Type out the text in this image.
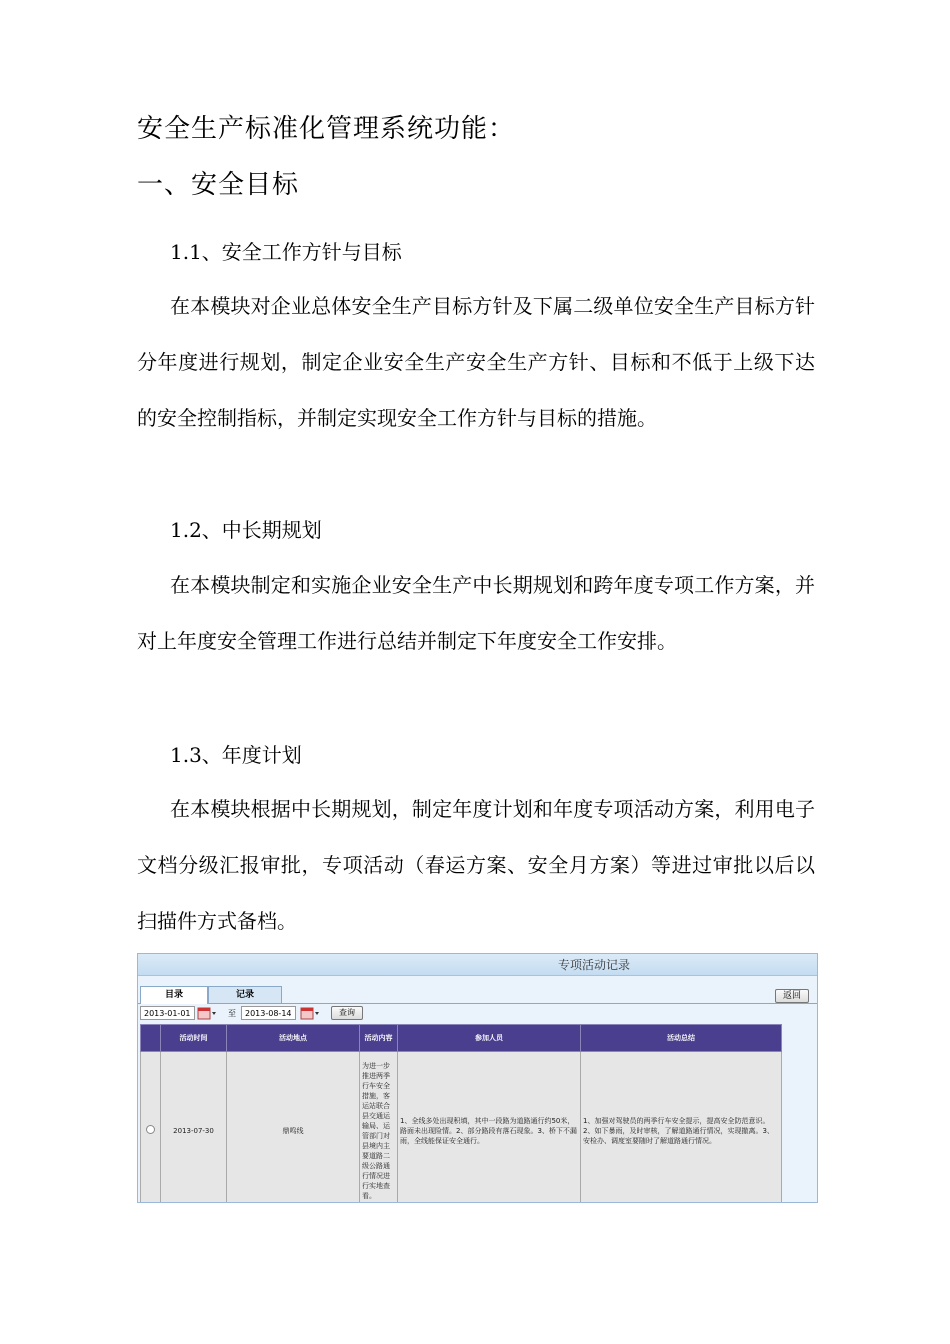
安全生产标准化管理系统功能：
一、安全目标
1.1、安全工作方针与目标
在本模块对企业总体安全生产目标方针及下属二级单位安全生产目标方针分年度进行规划，制定企业安全生产安全生产方针、目标和不低于上级下达的安全控制指标，并制定实现安全工作方针与目标的措施。
1.2、中长期规划
在本模块制定和实施企业安全生产中长期规划和跨年度专项工作方案，并对上年度安全管理工作进行总结并制定下年度安全工作安排。
1.3、年度计划
在本模块根据中长期规划，制定年度计划和年度专项活动方案，利用电子文档分级汇报审批，专项活动（春运方案、安全月方案）等进过审批以后以扫描件方式备档。
专项活动记录
目录	记录	返回
2013-01-01	至	2013-08-14	查询
	活动时间	活动地点	活动内容	参加人员	活动总结
	2013-07-30	鼎鸣线	为进一步推进两季行车安全措施，客运站联合县交通运输局、运管部门对县境内主要道路二级公路通行情况进行实地查看。	1、全线多处出现积填，其中一段路为道路通行约50米，路面未出现险情。2、部分路段有落石现象。3、桥下不漏雨，全线能保证安全通行。	1、加强对驾驶员的两季行车安全提示，提高安全防范意识。2、如下暴雨，及时审核，了解道路通行情况，实现撤离。3、安检办、调度室要随时了解道路通行情况。
